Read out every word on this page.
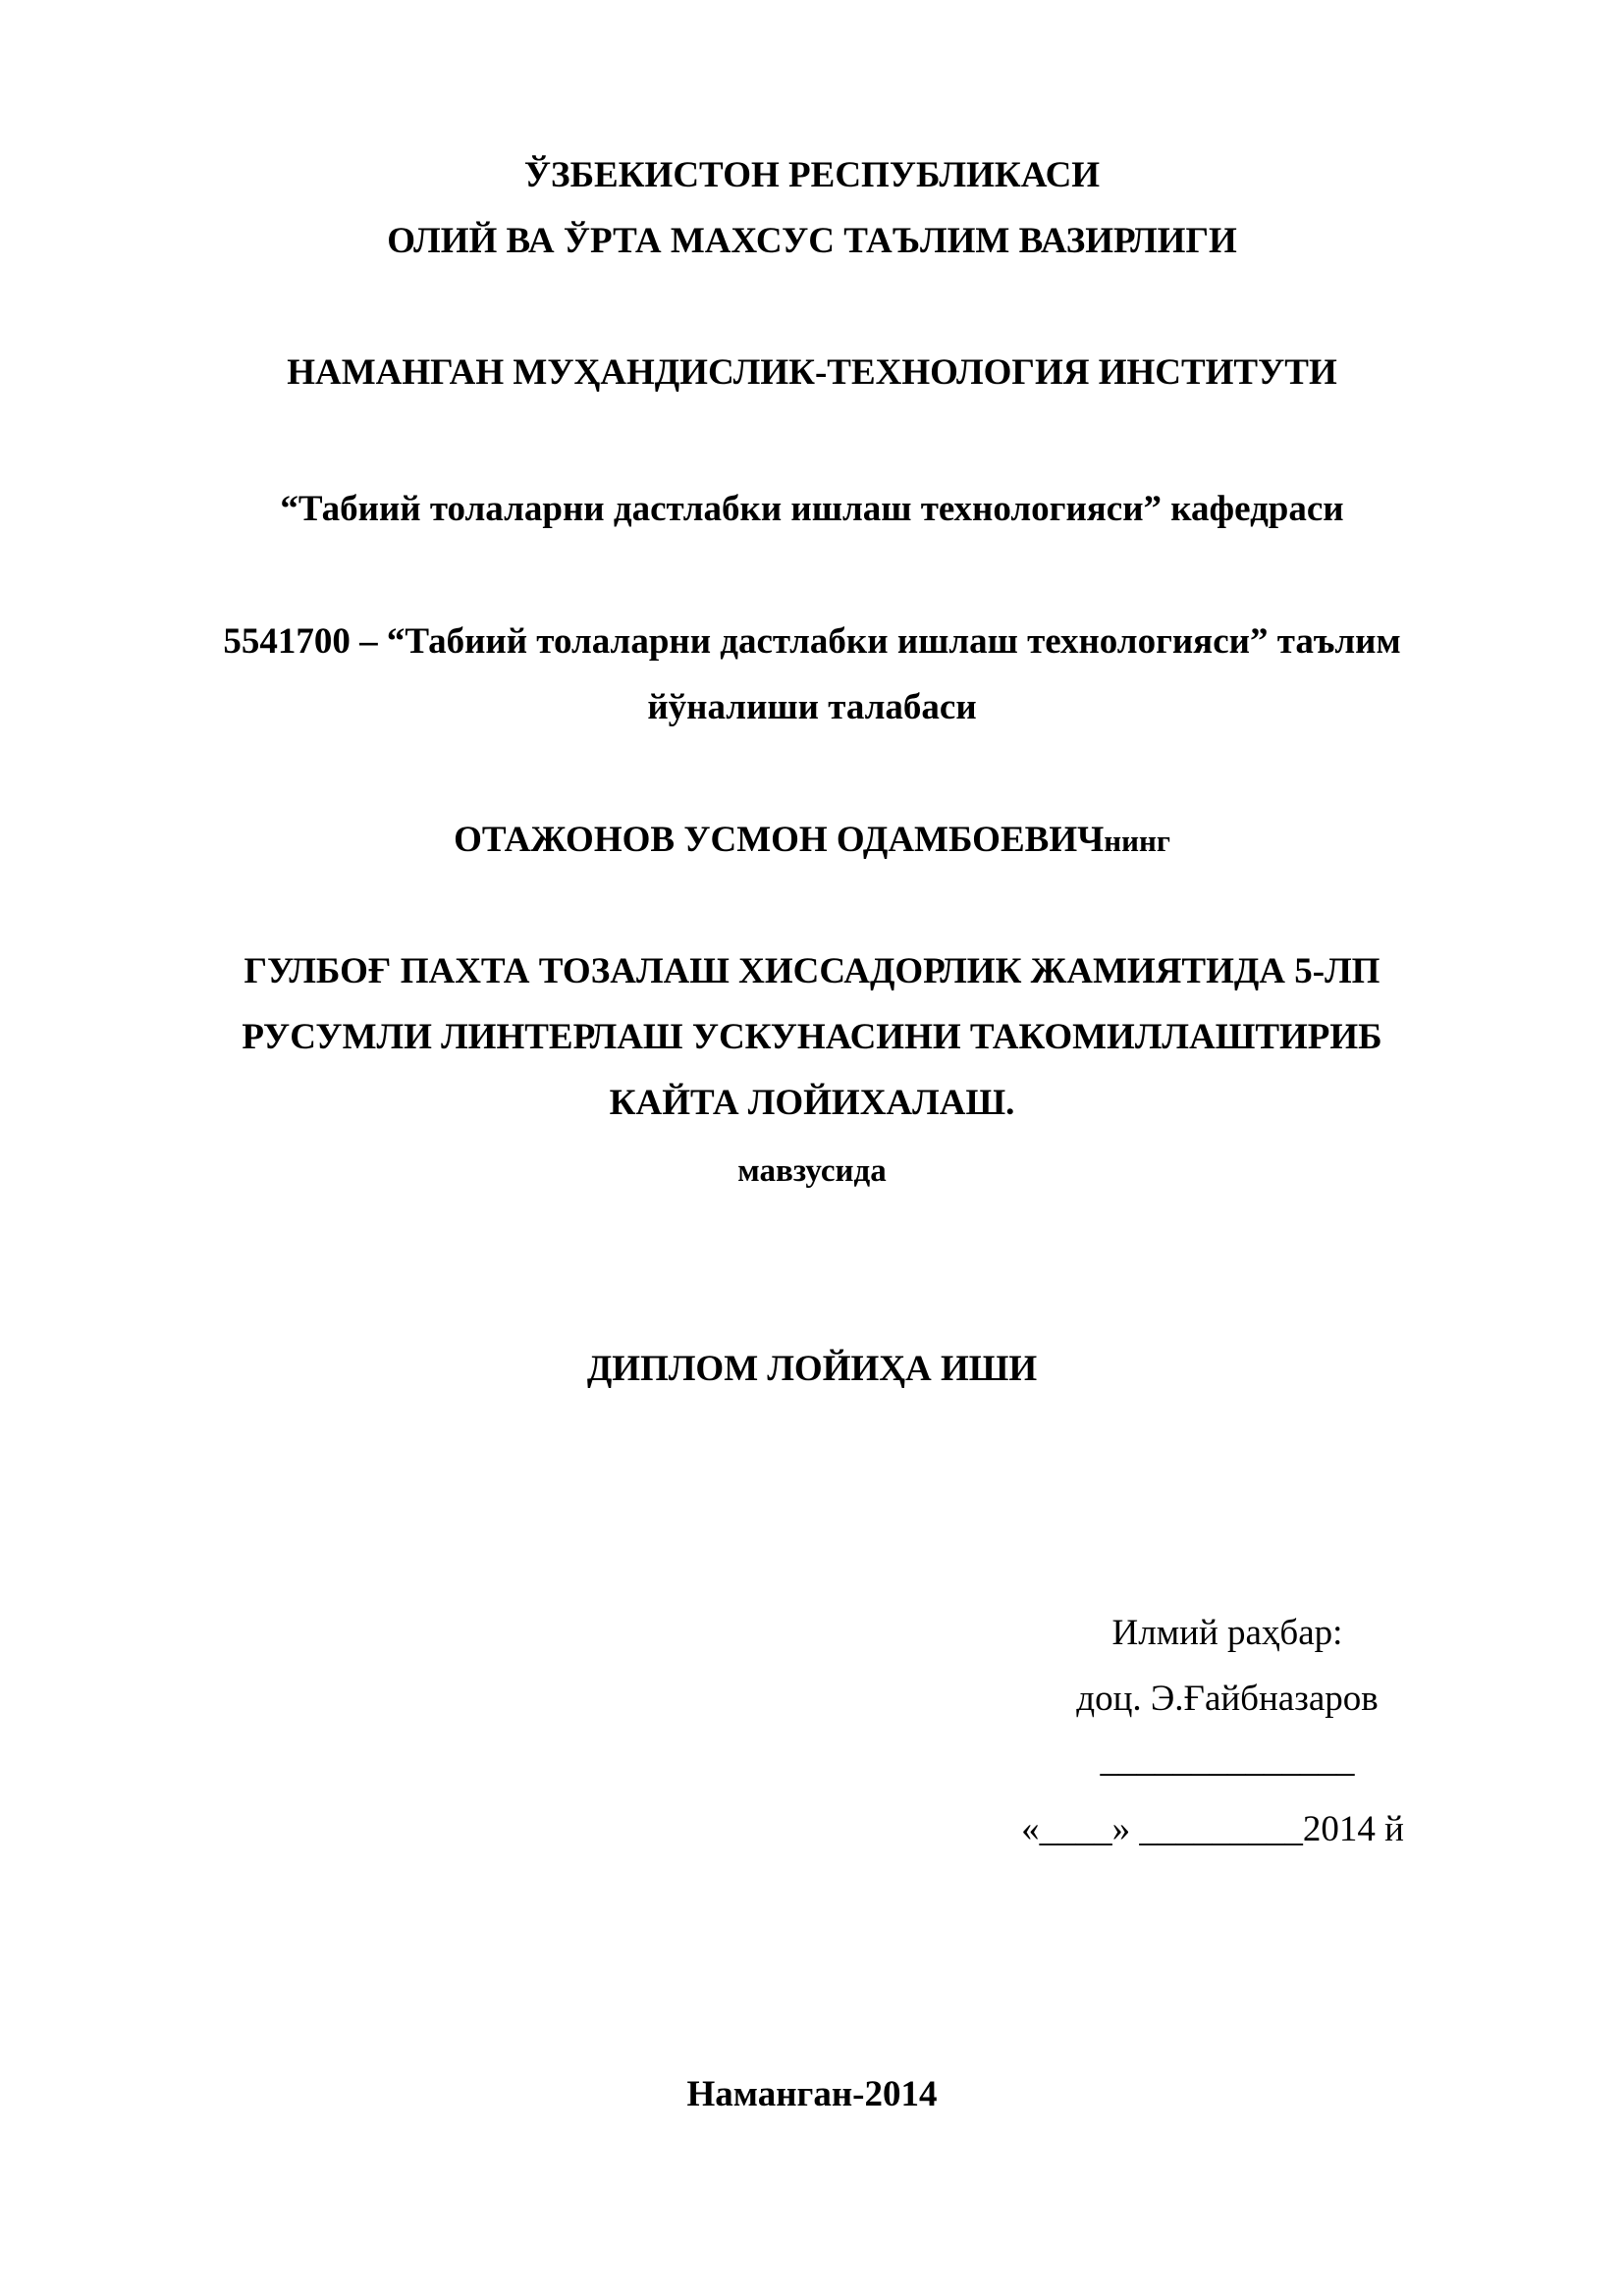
ЎЗБЕКИСТОН РЕСПУБЛИКАСИ
ОЛИЙ ВА ЎРТА МАХСУС ТАЪЛИМ ВАЗИРЛИГИ
НАМАНГАН МУҲАНДИСЛИК-ТЕХНОЛОГИЯ ИНСТИТУТИ
“Табиий толаларни дастлабки ишлаш технологияси” кафедраси
5541700 – “Табиий толаларни дастлабки ишлаш технологияси” таълим
йўналиши талабаси
ОТАЖОНОВ УСМОН ОДАМБОЕВИЧнинг
ГУЛБОҒ ПАХТА ТОЗАЛАШ ХИССАДОРЛИК ЖАМИЯТИДА 5-ЛП
РУСУМЛИ ЛИНТЕРЛАШ УСКУНАСИНИ ТАКОМИЛЛАШТИРИБ
КАЙТА ЛОЙИХАЛАШ.
мавзусида
ДИПЛОМ ЛОЙИҲА ИШИ
Илмий раҳбар:
доц. Э.Ғайбназаров
______________
«____» _________2014 й
Наманган-2014
